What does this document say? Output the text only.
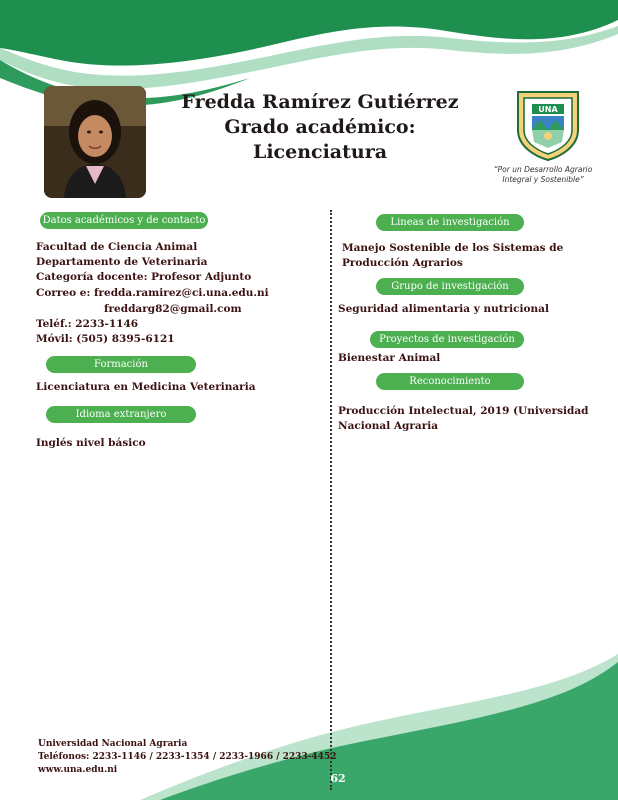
Fredda Ramírez Gutiérrez
Grado académico: Licenciatura
UNA
“Por un Desarrollo Agrario
Integral y Sostenible”
Datos académicos y de contacto
Facultad de Ciencia Animal
Departamento de Veterinaria
Categoría docente: Profesor Adjunto
Correo e: fredda.ramirez@ci.una.edu.ni
freddarg82@gmail.com
Teléf.: 2233-1146
Móvil: (505) 8395-6121
Formación
Licenciatura en Medicina Veterinaria
Idioma extranjero
Inglés nivel básico
Lineas de investigación
Manejo Sostenible de los Sistemas de
Producción Agrarios
Grupo de investigación
Seguridad alimentaria y nutricional
Proyectos de investigación
Bienestar Animal
Reconocimiento
Producción Intelectual, 2019 (Universidad
Nacional Agraria
Universidad Nacional Agraria
Teléfonos: 2233-1146 / 2233-1354 / 2233-1966 / 2233-4452
www.una.edu.ni
62
